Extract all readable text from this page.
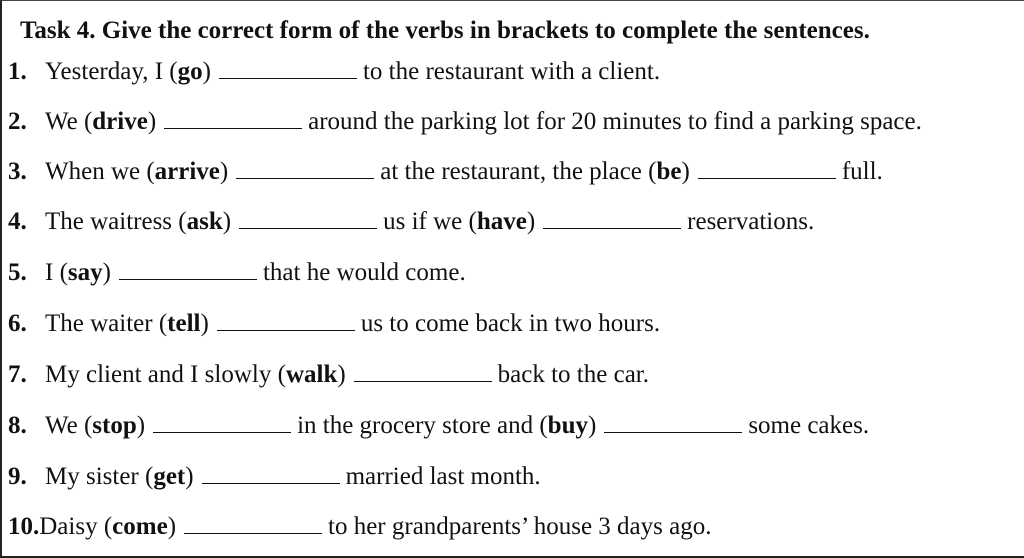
Task 4. Give the correct form of the verbs in brackets to complete the sentences.
1. Yesterday, I (go)	to the restaurant with a client.
2. We (drive)	around the parking lot for 20 minutes to find a parking space.
3. When we (arrive)	at the restaurant, the place (be)	full.
4. The waitress (ask)	us if we (have)	reservations.
5. I (say)	that he would come.
6. The waiter (tell)	us to come back in two hours.
7. My client and I slowly (walk)	back to the car.
8. We (stop)	in the grocery store and (buy)	some cakes.
9. My sister (get)	married last month.
10.Daisy (come)	to her grandparents’ house 3 days ago.
